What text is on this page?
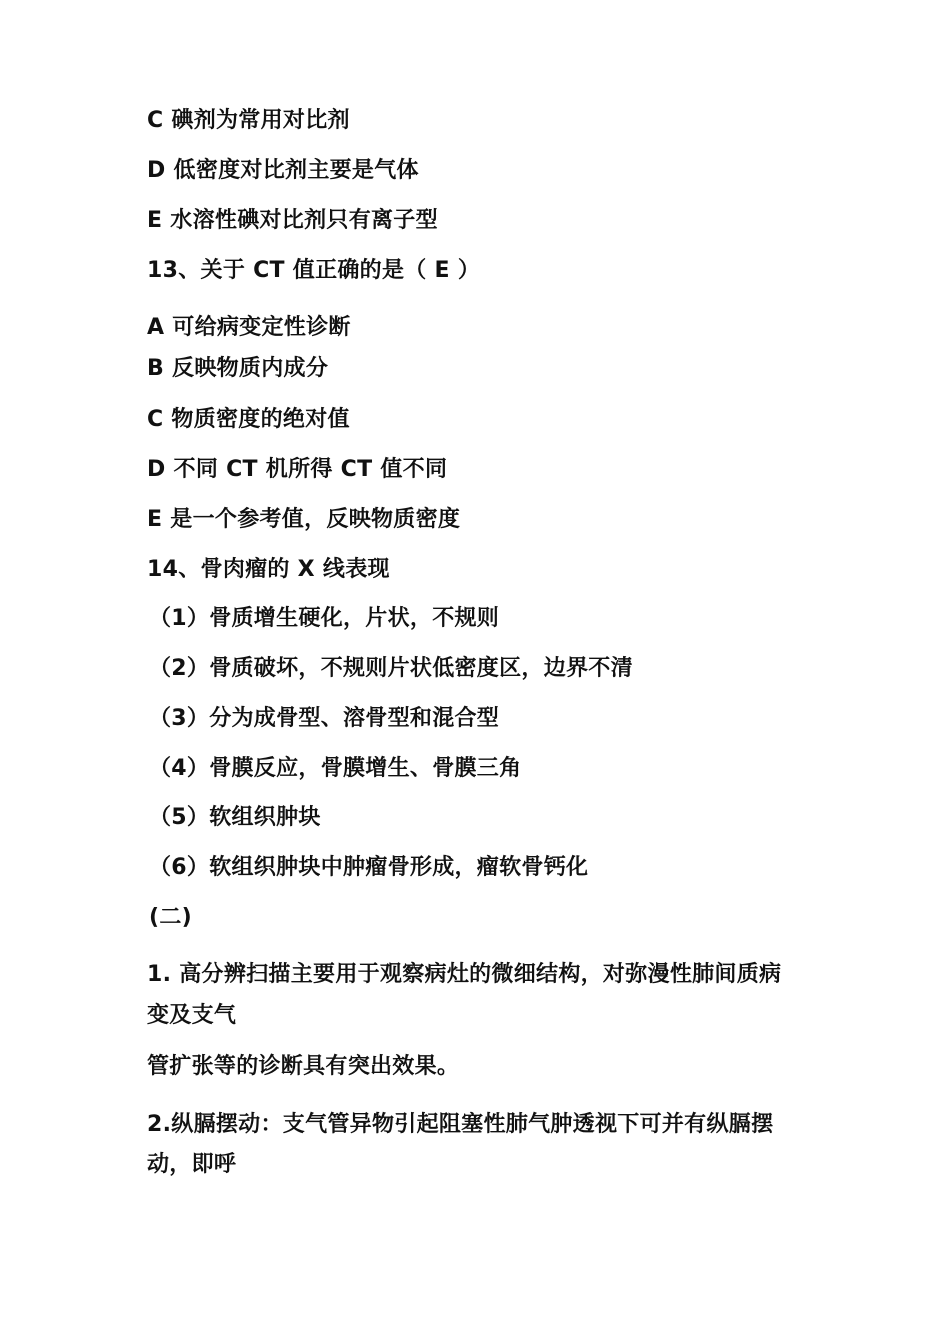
C 碘剂为常用对比剂
D 低密度对比剂主要是气体
E 水溶性碘对比剂只有离子型
13、关于 CT 值正确的是（ E ）
A 可给病变定性诊断
B 反映物质内成分
C 物质密度的绝对值
D 不同 CT 机所得 CT 值不同
E 是一个参考值，反映物质密度
14、骨肉瘤的 X 线表现
（1）骨质增生硬化，片状，不规则
（2）骨质破坏，不规则片状低密度区，边界不清
（3）分为成骨型、溶骨型和混合型
（4）骨膜反应，骨膜增生、骨膜三角
（5）软组织肿块
（6）软组织肿块中肿瘤骨形成，瘤软骨钙化
(二)
1. 高分辨扫描主要用于观察病灶的微细结构，对弥漫性肺间质病
变及支气
管扩张等的诊断具有突出效果。
2.纵膈摆动：支气管异物引起阻塞性肺气肿透视下可并有纵膈摆
动，即呼
